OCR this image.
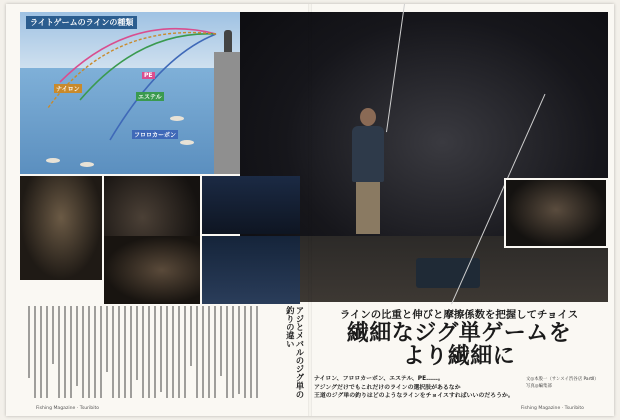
ライトゲームのラインの種類
PE
エステル
フロロカーボン
ナイロン
アジとメバルのジグ単の釣りの違い	ラインの比重と伸びと摩擦係数を把握してチョイス
繊細なジグ単ゲームを
より繊細に
ナイロン、フロロカーボン、エステル、PE……。
アジングだけでもこれだけのラインの選択肢があるなか
王道のジグ単の釣りはどのようなラインをチョイスすればいいのだろうか。
文◎本股一（サンスイ渋谷店 PartⅡ）
写真◎編集部
Fishing Magazine · Tsuribito	Fishing Magazine · Tsuribito
